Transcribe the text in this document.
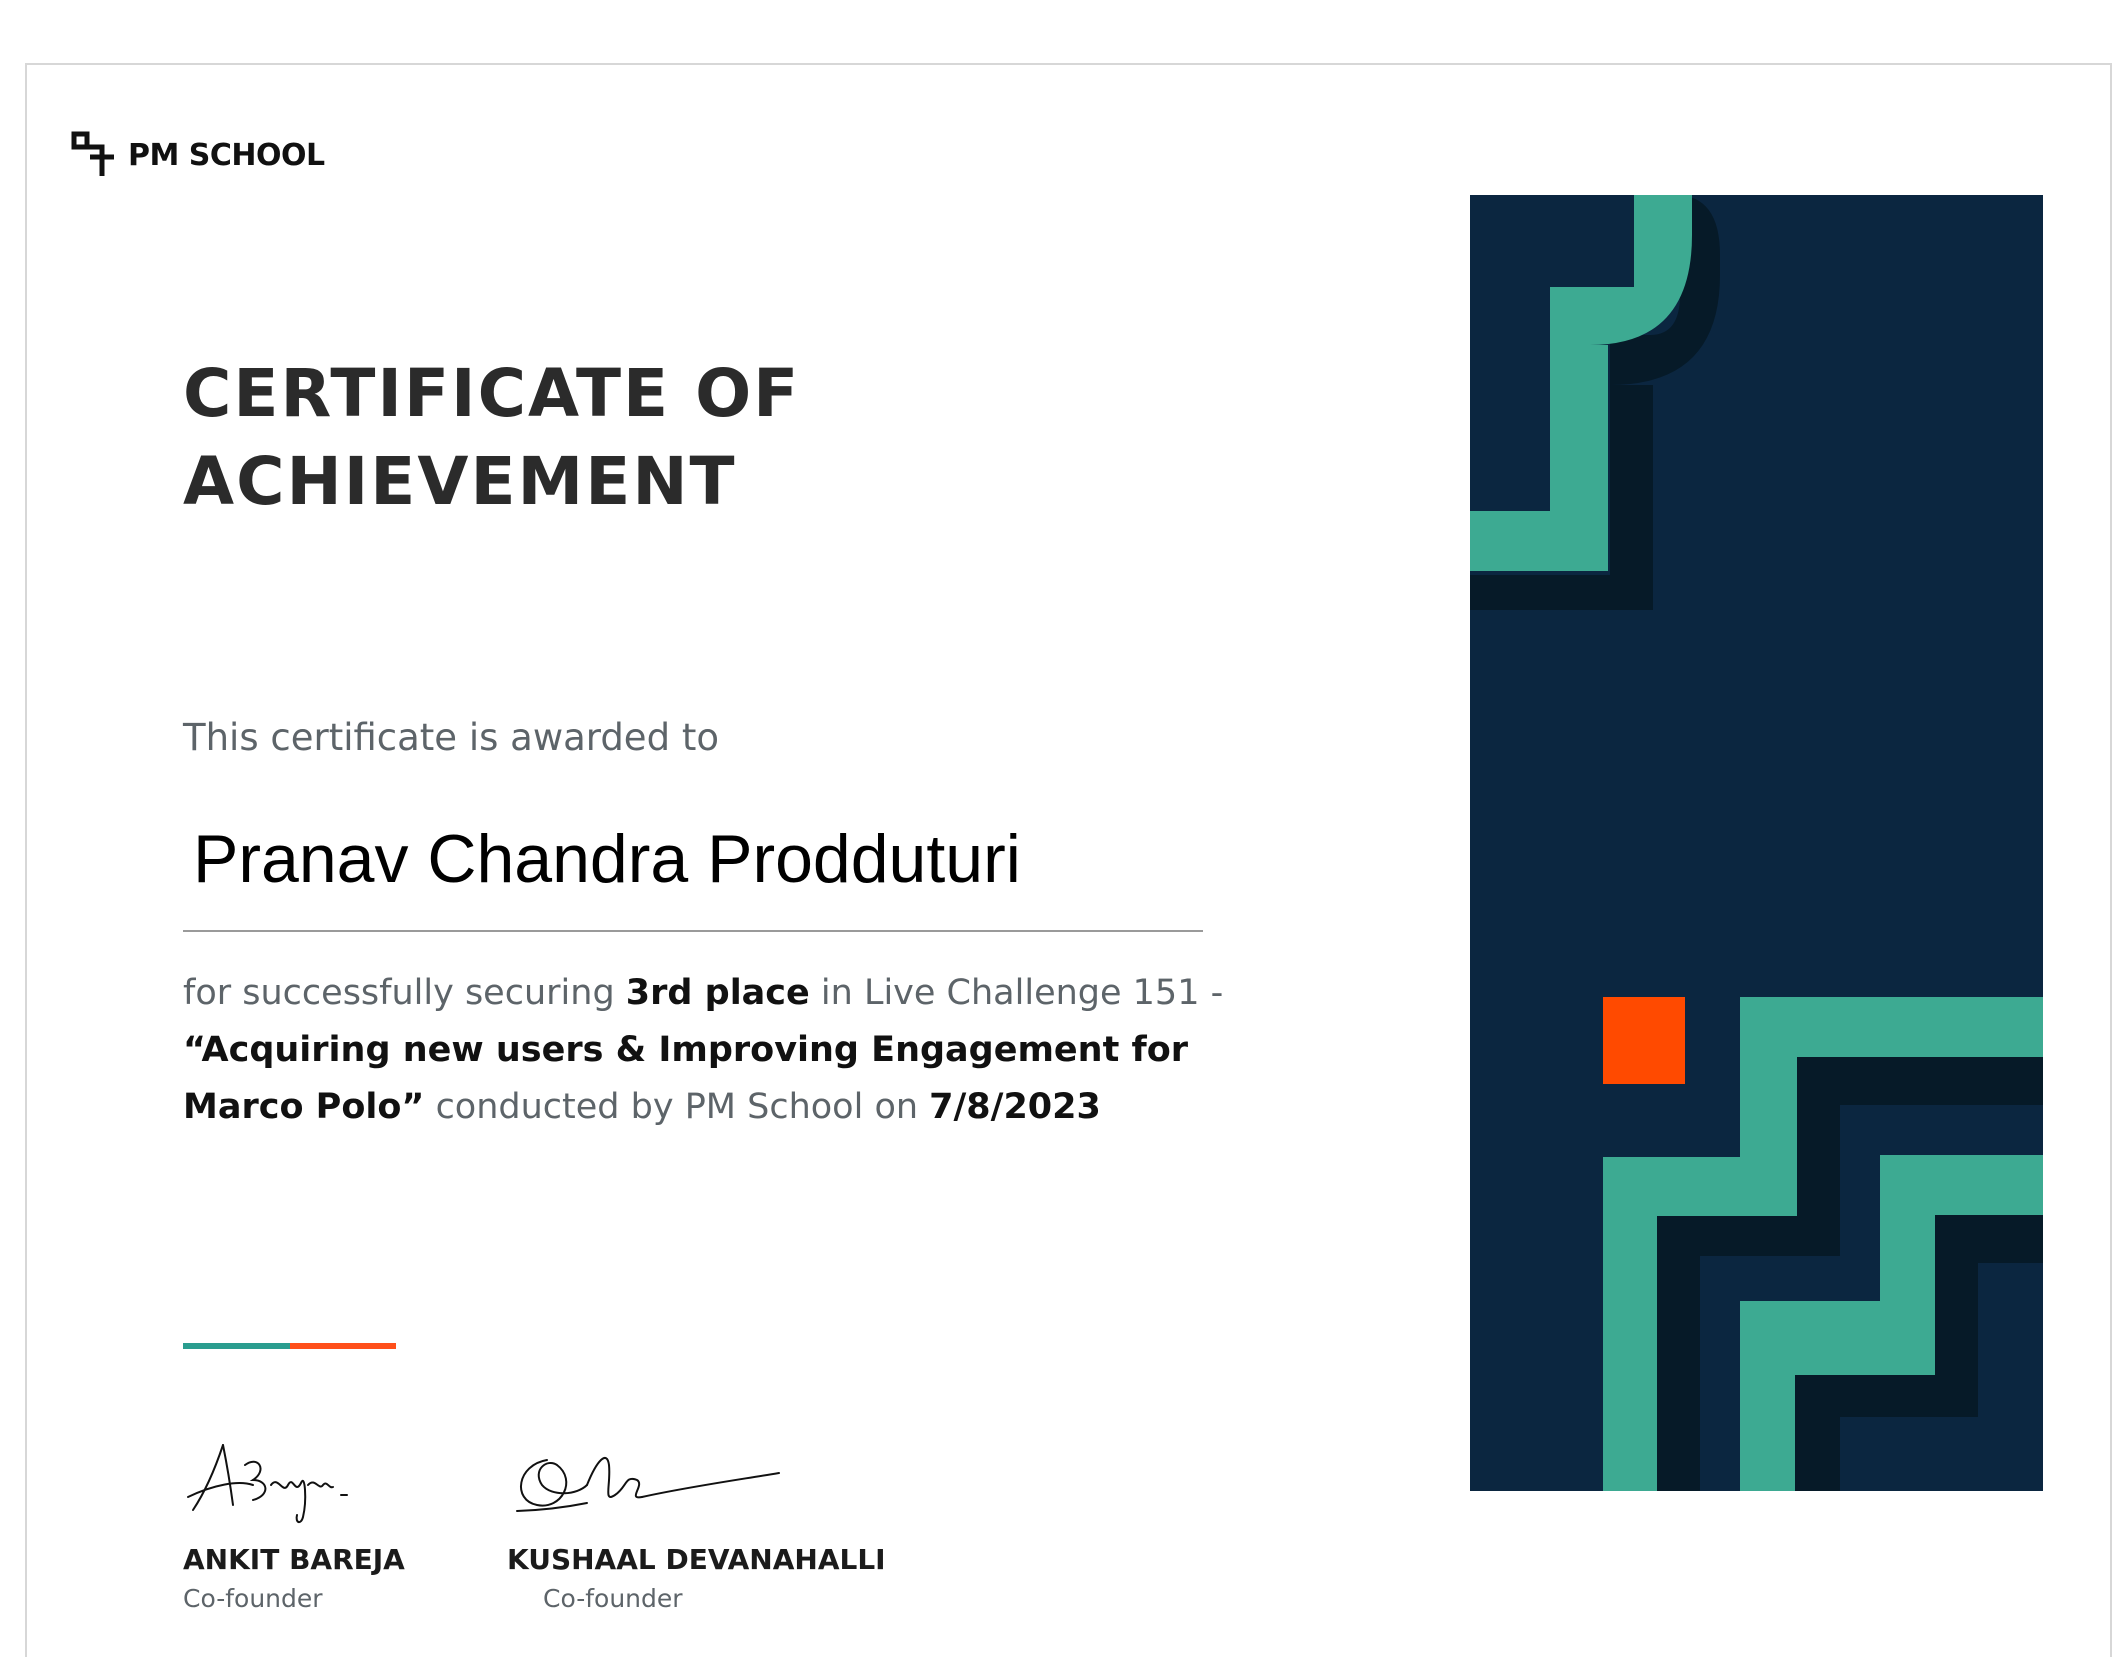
PM SCHOOL
CERTIFICATE OF
ACHIEVEMENT

This certificate is awarded to

Pranav Chandra Prodduturi

for successfully securing 3rd place in Live Challenge 151 - “Acquiring new users & Improving Engagement for Marco Polo” conducted by PM School on 7/8/2023

ANKIT BAREJA

Co-founder

KUSHAAL DEVANAHALLI

Co-founder
